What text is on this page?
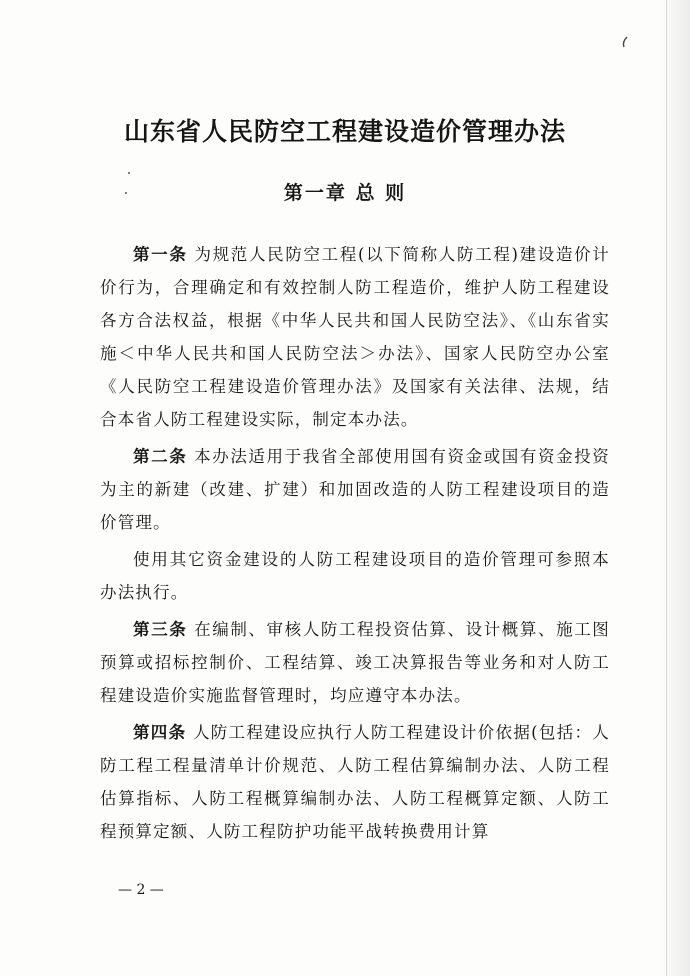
山东省人民防空工程建设造价管理办法
第一章 总 则

第一条 为规范人民防空工程(以下简称人防工程)建设造价计价行为，合理确定和有效控制人防工程造价，维护人防工程建设各方合法权益，根据《中华人民共和国人民防空法》、《山东省实施＜中华人民共和国人民防空法＞办法》、国家人民防空办公室《人民防空工程建设造价管理办法》及国家有关法律、法规，结合本省人防工程建设实际，制定本办法。

第二条 本办法适用于我省全部使用国有资金或国有资金投资为主的新建（改建、扩建）和加固改造的人防工程建设项目的造价管理。

使用其它资金建设的人防工程建设项目的造价管理可参照本办法执行。

第三条 在编制、审核人防工程投资估算、设计概算、施工图预算或招标控制价、工程结算、竣工决算报告等业务和对人防工程建设造价实施监督管理时，均应遵守本办法。

第四条 人防工程建设应执行人防工程建设计价依据(包括：人防工程工程量清单计价规范、人防工程估算编制办法、人防工程估算指标、人防工程概算编制办法、人防工程概算定额、人防工程预算定额、人防工程防护功能平战转换费用计算

— 2 —
